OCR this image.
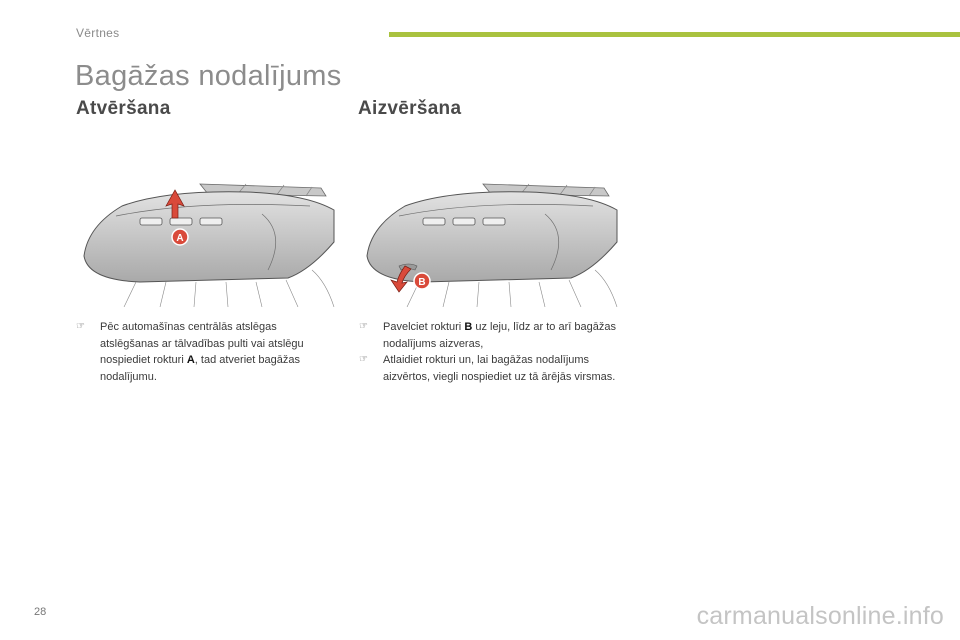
Vērtnes
Bagāžas nodalījums
Atvēršana	Aizvēršana
A
B
☞ Pēc automašīnas centrālās atslēgas atslēgšanas ar tālvadības pulti vai atslēgu nospiediet rokturi A, tad atveriet bagāžas nodalījumu.
☞ Pavelciet rokturi B uz leju, līdz ar to arī bagāžas nodalījums aizveras,
☞ Atlaidiet rokturi un, lai bagāžas nodalījums aizvērtos, viegli nospiediet uz tā ārējās virsmas.
28	carmanualsonline.info
